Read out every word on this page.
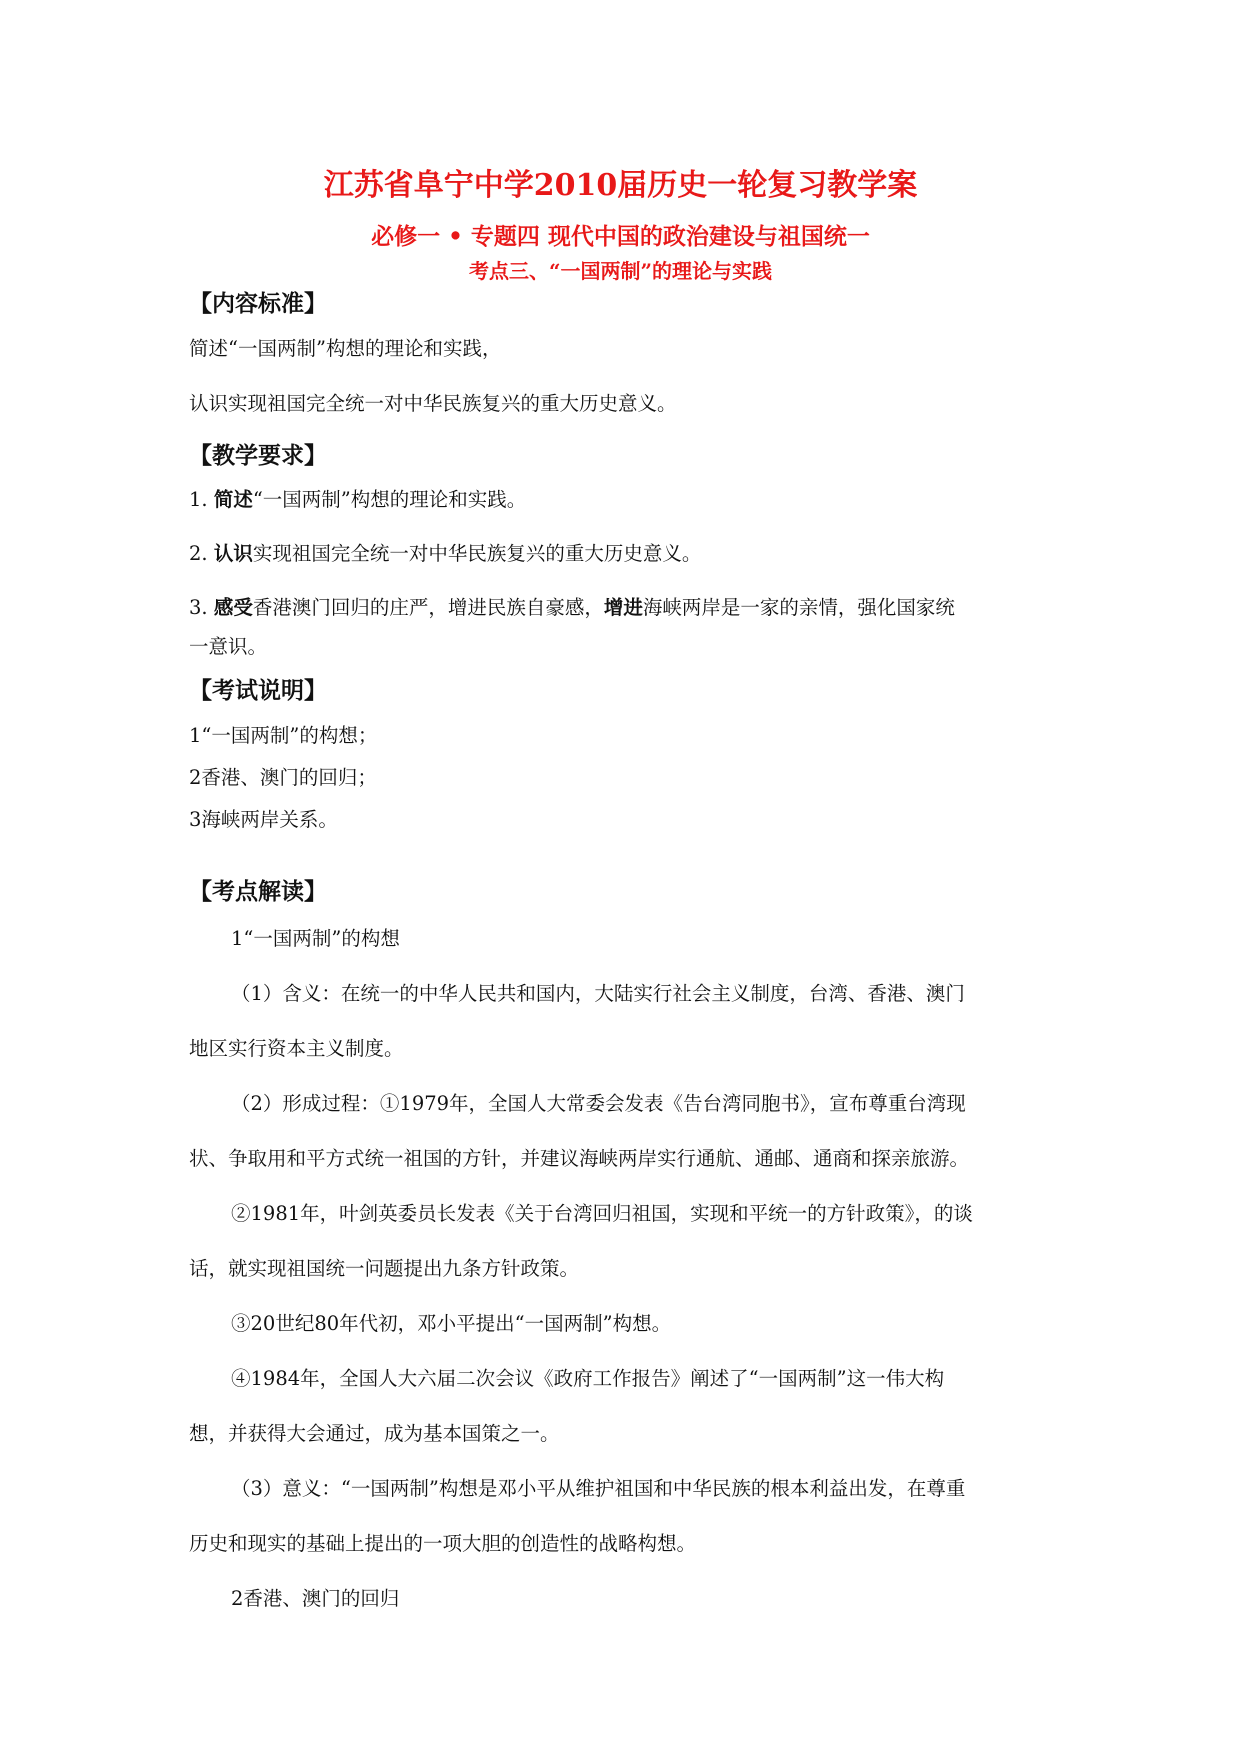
江苏省阜宁中学2010届历史一轮复习教学案
必修一 • 专题四 现代中国的政治建设与祖国统一
考点三、“一国两制”的理论与实践
【内容标准】
简述“一国两制”构想的理论和实践，
认识实现祖国完全统一对中华民族复兴的重大历史意义。
【教学要求】
1. 简述“一国两制”构想的理论和实践。
2. 认识实现祖国完全统一对中华民族复兴的重大历史意义。
3. 感受香港澳门回归的庄严，增进民族自豪感，增进海峡两岸是一家的亲情，强化国家统
一意识。
【考试说明】
1“一国两制”的构想；
2香港、澳门的回归；
3海峡两岸关系。
【考点解读】
1“一国两制”的构想
（1）含义：在统一的中华人民共和国内，大陆实行社会主义制度，台湾、香港、澳门
地区实行资本主义制度。
（2）形成过程：①1979年，全国人大常委会发表《告台湾同胞书》，宣布尊重台湾现
状、争取用和平方式统一祖国的方针，并建议海峡两岸实行通航、通邮、通商和探亲旅游。
②1981年，叶剑英委员长发表《关于台湾回归祖国，实现和平统一的方针政策》，的谈
话，就实现祖国统一问题提出九条方针政策。
③20世纪80年代初，邓小平提出“一国两制”构想。
④1984年，全国人大六届二次会议《政府工作报告》阐述了“一国两制”这一伟大构
想，并获得大会通过，成为基本国策之一。
（3）意义：“一国两制”构想是邓小平从维护祖国和中华民族的根本利益出发，在尊重
历史和现实的基础上提出的一项大胆的创造性的战略构想。
2香港、澳门的回归
